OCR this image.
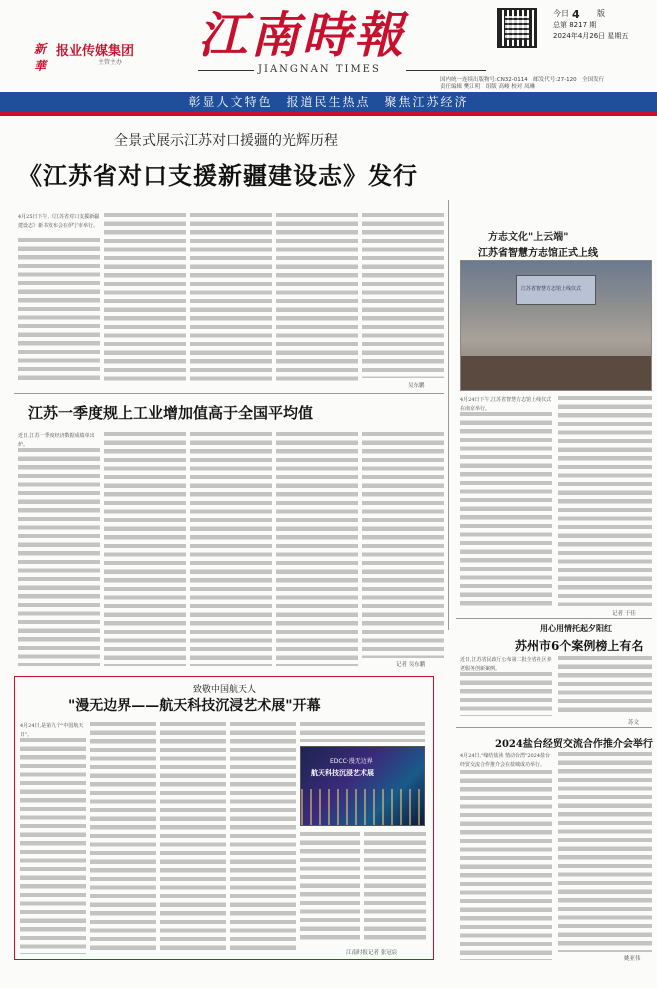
新華
报业传媒集团
主管主办 江南時報
JIANGNAN TIMES
今日 4 版
总第 8217 期
2024年4月26日 星期五
国内统一连续出版物号:CN32-0114　邮发代号:27-120　全国发行
责任编辑 樊江明　组版 高峻 校对 凤琳
彰显人文特色　报道民生热点　聚焦江苏经济
全景式展示江苏对口援疆的光辉历程
《江苏省对口支援新疆建设志》发行
4月25日下午,《江苏省对口支援新疆建设志》新书发布会在伊宁市举行。
吴东鹏
江苏一季度规上工业增加值高于全国平均值
近日,江苏一季度经济数据成绩单出炉。
记者 吴东鹏
方志文化"上云端"
江苏省智慧方志馆正式上线
江苏省智慧方志馆上线仪式
4月24日下午,江苏省智慧方志馆上线仪式在南京举行。
记者 于佳
用心用情托起夕阳红
苏州市6个案例榜上有名
近日,江苏省民政厅公布第二批全省社区养老服务创新案例。
苏文
2024盐台经贸交流合作推介会举行
4月24日,"缘结盐渎 情动台湾"2024盐台经贸交流合作推介会在盐城成功举行。
姚亚伟
致敬中国航天人
"漫无边界——航天科技沉浸艺术展"开幕
4月24日,是第九个"中国航天日"。
EDCC·漫无边界
航天科技沉浸艺术展
江南时报记者 张冠宸
